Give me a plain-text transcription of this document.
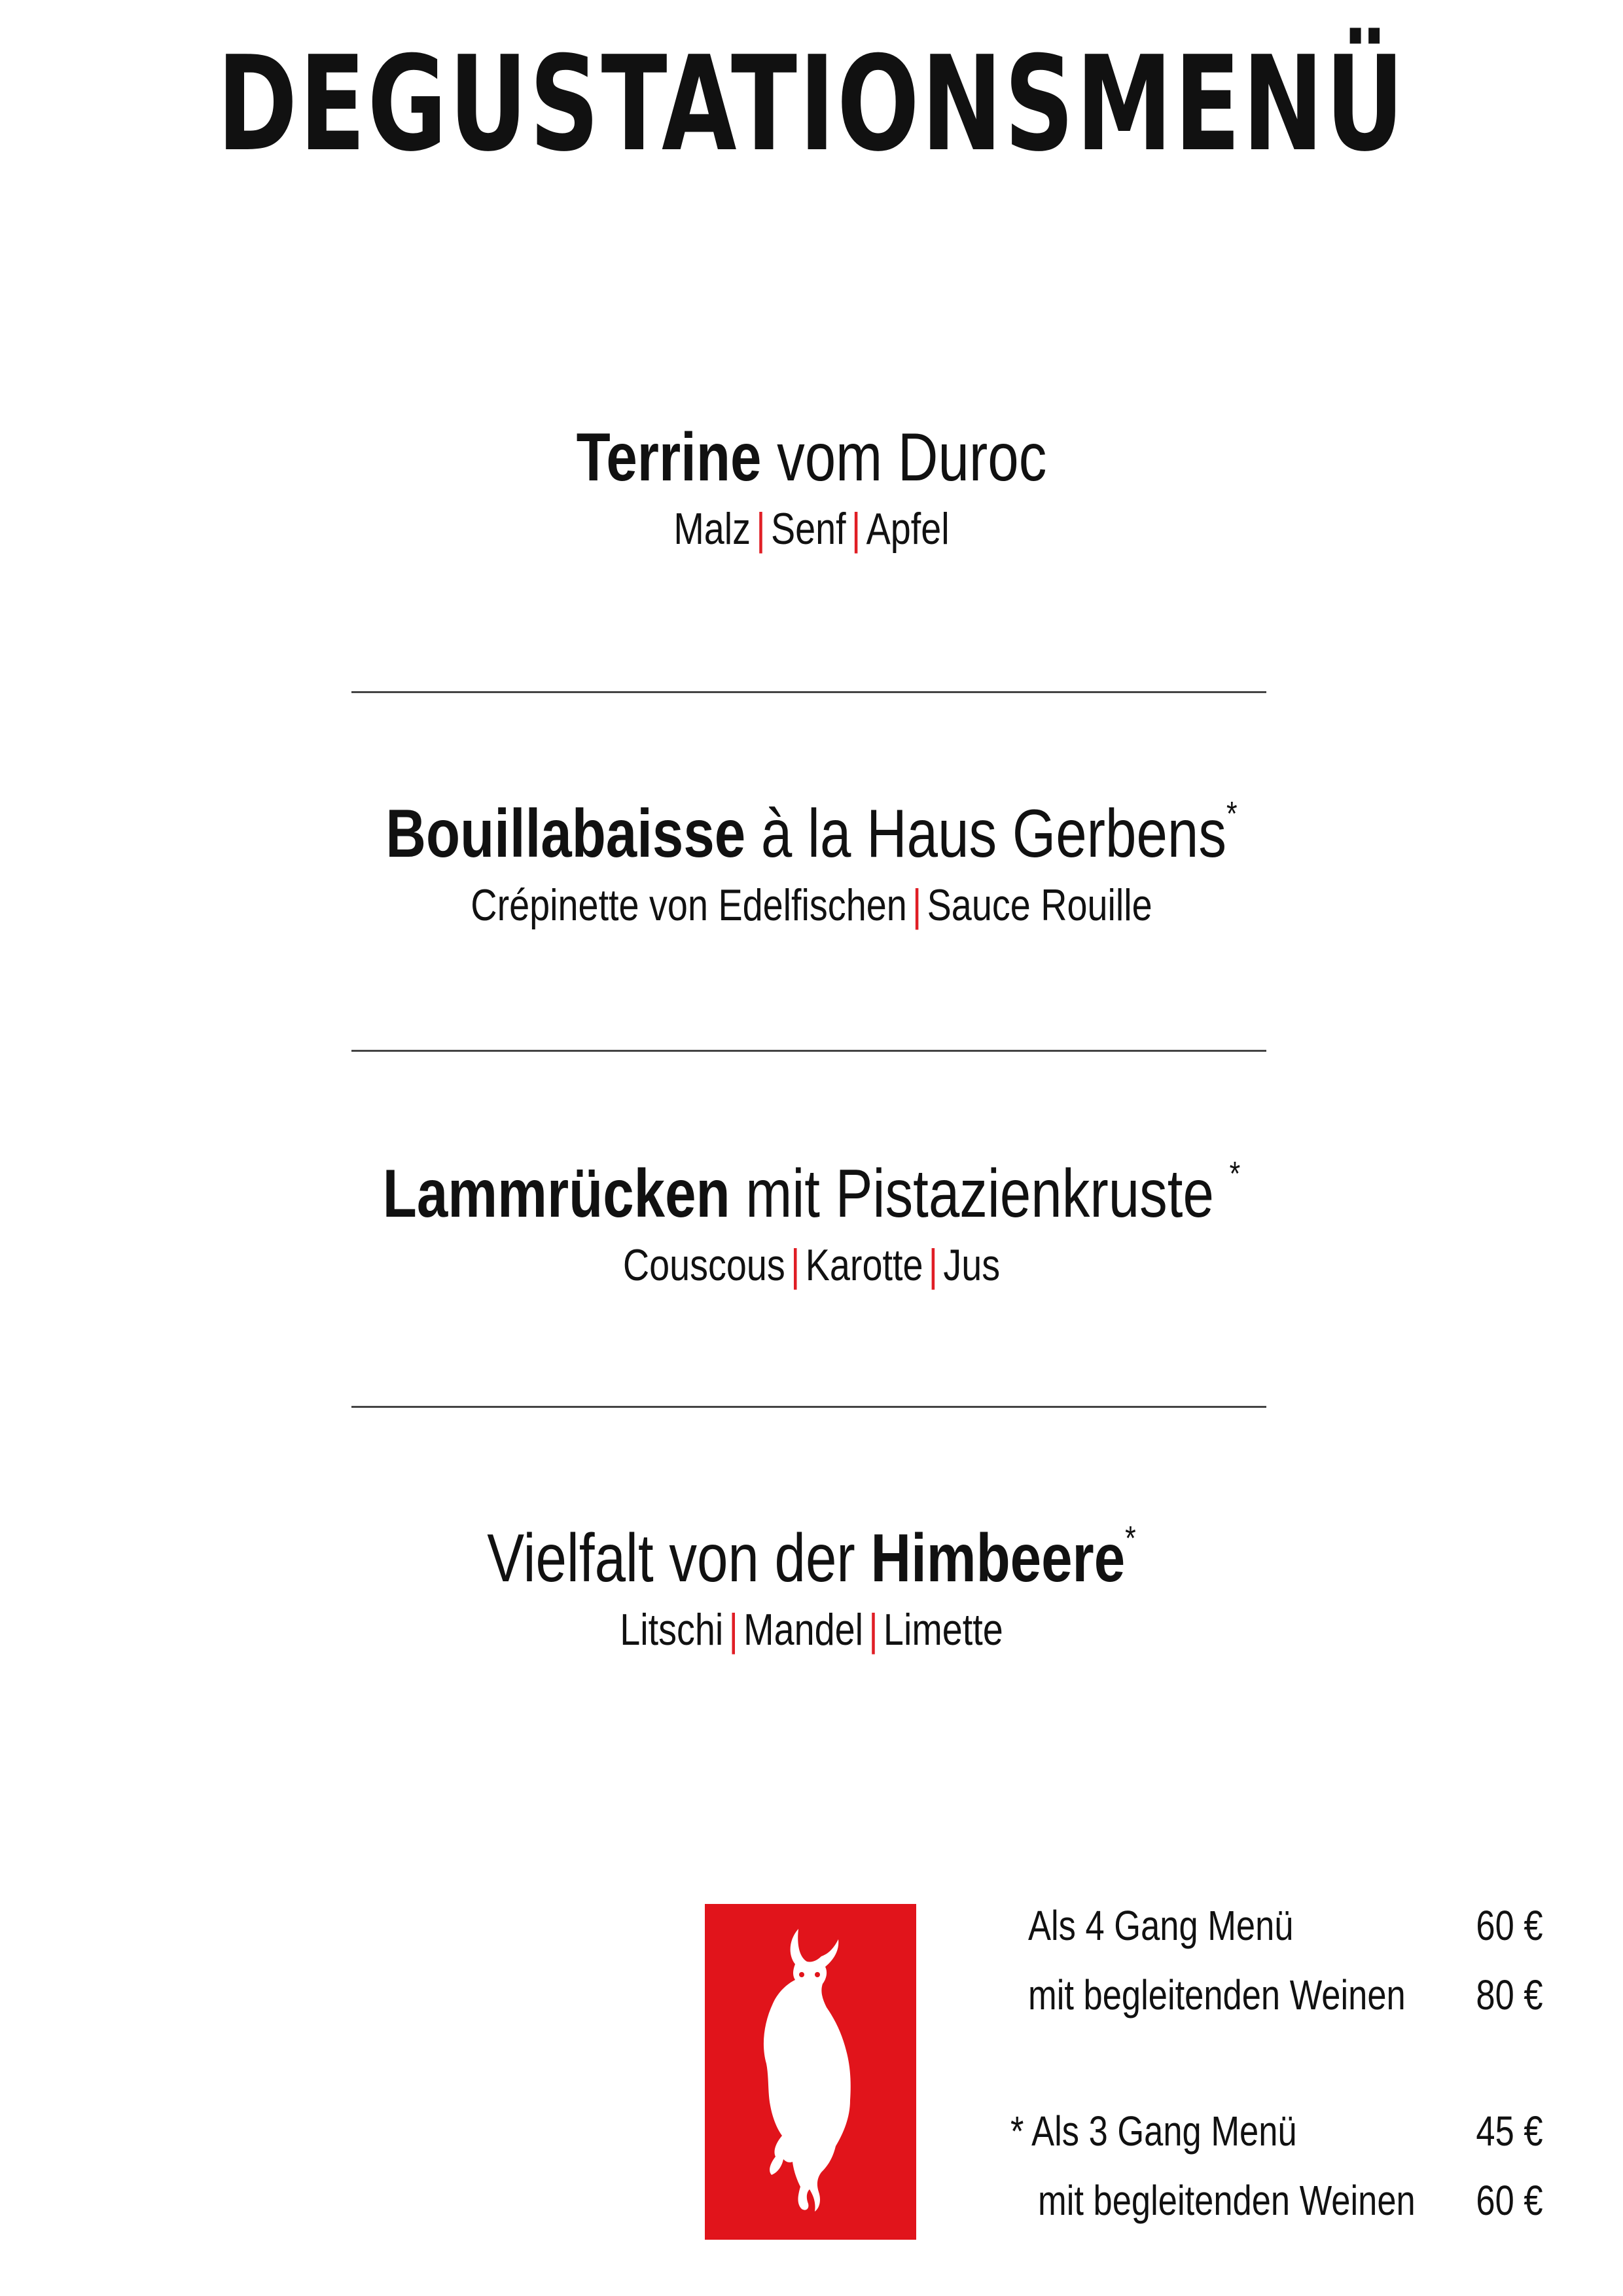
DEGUSTATIONSMENÜ
Terrine vom Duroc
Malz | Senf | Apfel
Bouillabaisse à la Haus Gerbens*
Crépinette von Edelfischen | Sauce Rouille
Lammrücken mit Pistazienkruste *
Couscous | Karotte | Jus
Vielfalt von der Himbeere*
Litschi | Mandel | Limette
Als 4 Gang Menü	60 €
mit begleitenden Weinen 80 €
* Als 3 Gang Menü	45 €
mit begleitenden Weinen 60 €
